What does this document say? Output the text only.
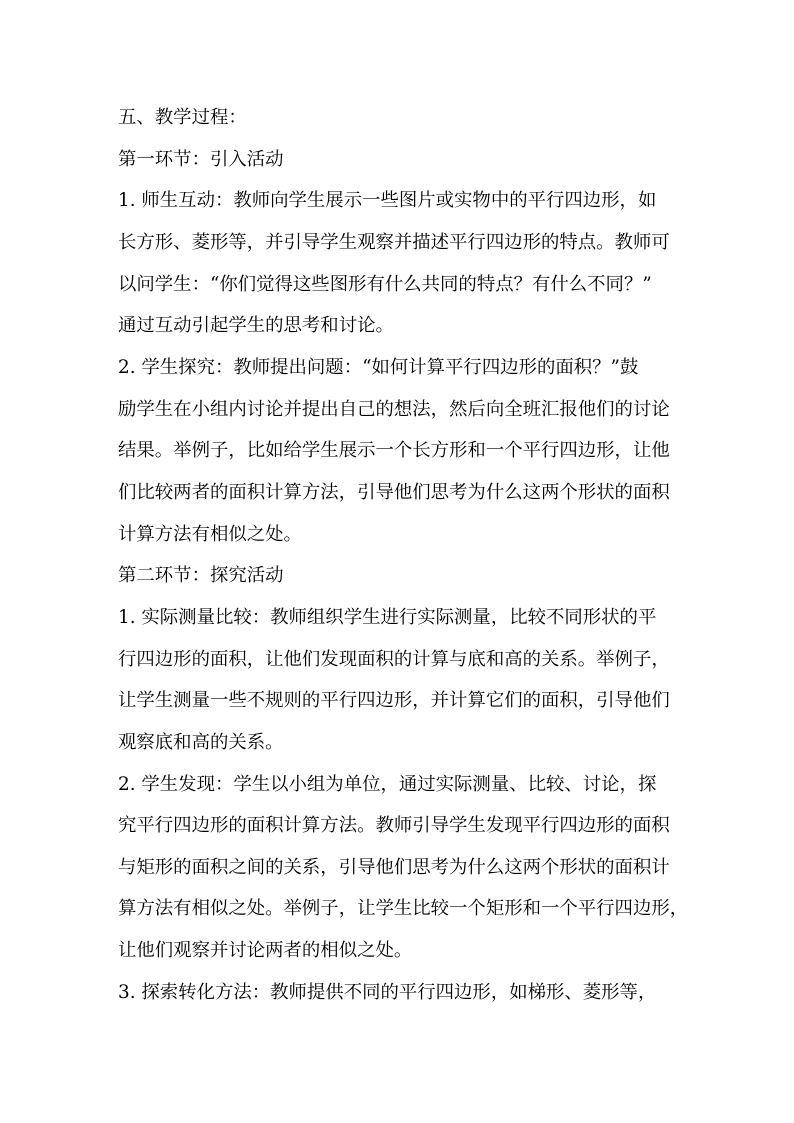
五、教学过程：
第一环节：引入活动
1. 师生互动：教师向学生展示一些图片或实物中的平行四边形，如
长方形、菱形等，并引导学生观察并描述平行四边形的特点。教师可
以问学生：“你们觉得这些图形有什么共同的特点？有什么不同？”
通过互动引起学生的思考和讨论。
2. 学生探究：教师提出问题：“如何计算平行四边形的面积？”鼓
励学生在小组内讨论并提出自己的想法，然后向全班汇报他们的讨论
结果。举例子，比如给学生展示一个长方形和一个平行四边形，让他
们比较两者的面积计算方法，引导他们思考为什么这两个形状的面积
计算方法有相似之处。
第二环节：探究活动
1. 实际测量比较：教师组织学生进行实际测量，比较不同形状的平
行四边形的面积，让他们发现面积的计算与底和高的关系。举例子，
让学生测量一些不规则的平行四边形，并计算它们的面积，引导他们
观察底和高的关系。
2. 学生发现：学生以小组为单位，通过实际测量、比较、讨论，探
究平行四边形的面积计算方法。教师引导学生发现平行四边形的面积
与矩形的面积之间的关系，引导他们思考为什么这两个形状的面积计
算方法有相似之处。举例子，让学生比较一个矩形和一个平行四边形，
让他们观察并讨论两者的相似之处。
3. 探索转化方法：教师提供不同的平行四边形，如梯形、菱形等，
